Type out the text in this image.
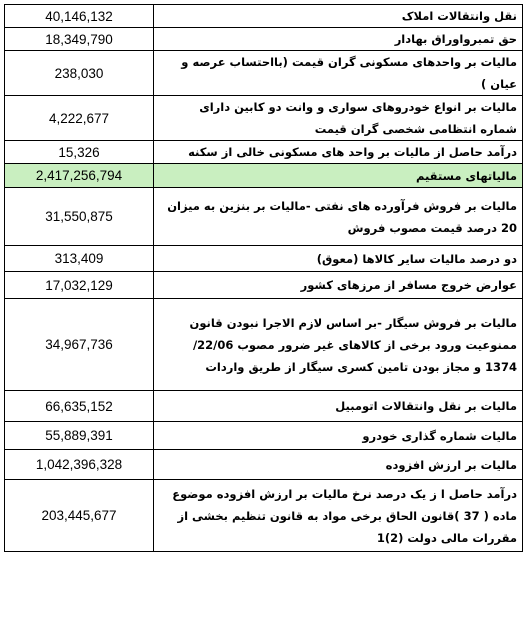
40,146,132	نقل وانتقالات املاک
18,349,790	حق تمبرواوراق بهادار
238,030	مالیات بر واحدهای مسکونی گران قیمت (بااحتساب عرصه و عیان )
4,222,677	مالیات بر انواع خودروهای سواری و وانت دو کابین دارای شماره انتظامی شخصی گران قیمت
15,326	درآمد حاصل از مالیات بر واحد های مسکونی خالی از سکنه
2,417,256,794	مالیاتهای مستقیم
31,550,875	مالیات بر فروش فرآورده های نفتی -مالیات بر بنزین به میزان 20 درصد قیمت مصوب فروش
313,409	دو درصد مالیات سایر کالاها (معوق)
17,032,129	عوارض خروج مسافر از مرزهای کشور
34,967,736	مالیات بر فروش سیگار -بر اساس لازم الاجرا نبودن قانون ممنوعیت ورود برخی از کالاهای غیر ضرور مصوب 22/06/ 1374 و مجاز بودن تامین کسری سیگار از طریق واردات
66,635,152	مالیات بر نقل وانتقالات اتومبیل
55,889,391	مالیات شماره گذاری خودرو
1,042,396,328	مالیات بر ارزش افزوده
203,445,677	درآمد حاصل ا ز یک درصد نرخ مالیات بر ارزش افزوده موضوع ماده ( 37 )قانون الحاق برخی مواد به قانون تنظیم بخشی از مقررات مالی دولت (2)1
